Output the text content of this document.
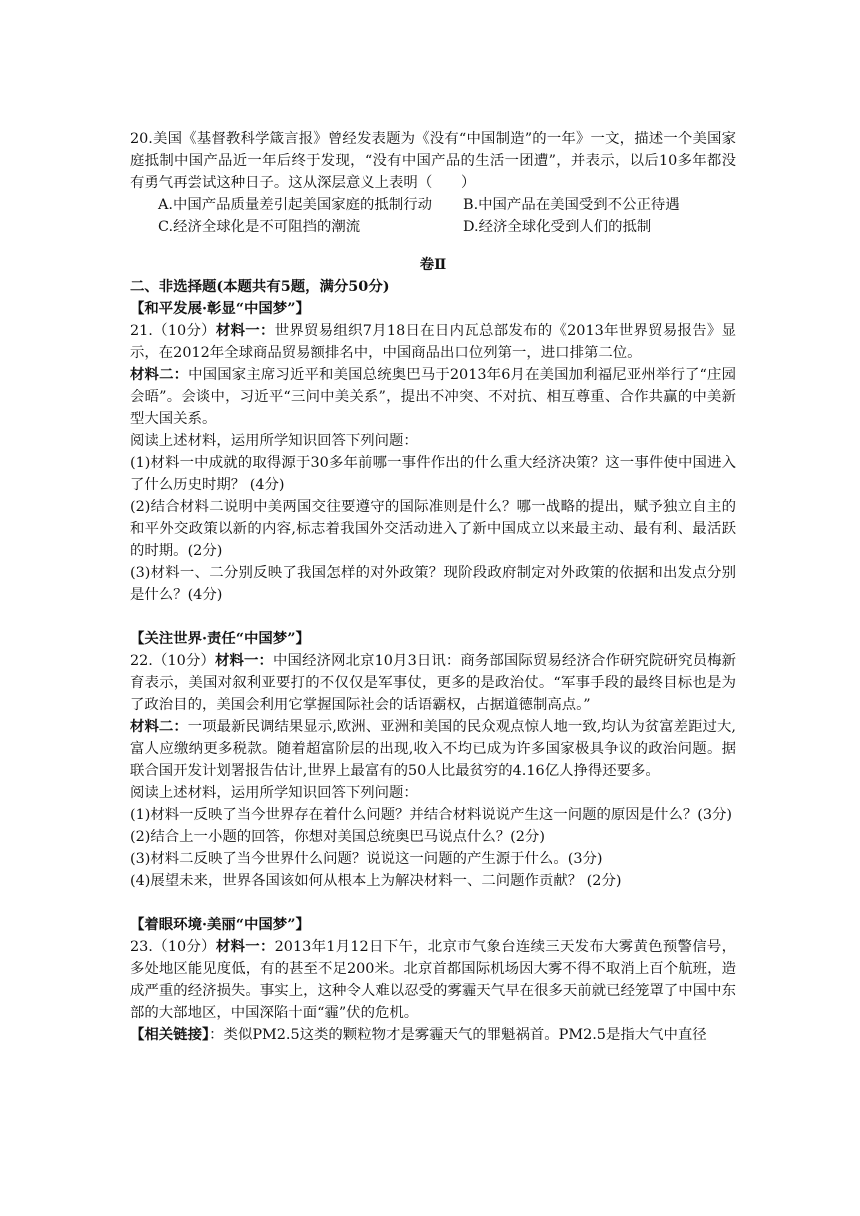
20.美国《基督教科学箴言报》曾经发表题为《没有“中国制造”的一年》一文，描述一个美国家庭抵制中国产品近一年后终于发现，“没有中国产品的生活一团遭”，并表示，以后10多年都没有勇气再尝试这种日子。这从深层意义上表明（　　）

A.中国产品质量差引起美国家庭的抵制行动	B.中国产品在美国受到不公正待遇
C.经济全球化是不可阻挡的潮流	D.经济全球化受到人们的抵制

卷Ⅱ

二、非选择题(本题共有5题，满分50分)

【和平发展·彰显“中国梦”】

21.（10分）材料一：世界贸易组织7月18日在日内瓦总部发布的《2013年世界贸易报告》显示，在2012年全球商品贸易额排名中，中国商品出口位列第一，进口排第二位。

材料二：中国国家主席习近平和美国总统奥巴马于2013年6月在美国加利福尼亚州举行了“庄园会晤”。会谈中，习近平“三问中美关系”，提出不冲突、不对抗、相互尊重、合作共赢的中美新型大国关系。

阅读上述材料，运用所学知识回答下列问题：

(1)材料一中成就的取得源于30多年前哪一事件作出的什么重大经济决策？这一事件使中国进入了什么历史时期？ (4分)

(2)结合材料二说明中美两国交往要遵守的国际准则是什么？哪一战略的提出，赋予独立自主的和平外交政策以新的内容,标志着我国外交活动进入了新中国成立以来最主动、最有利、最活跃的时期。(2分)

(3)材料一、二分别反映了我国怎样的对外政策？现阶段政府制定对外政策的依据和出发点分别是什么？(4分)

【关注世界·责任“中国梦”】

22.（10分）材料一：中国经济网北京10月3日讯：商务部国际贸易经济合作研究院研究员梅新育表示，美国对叙利亚要打的不仅仅是军事仗，更多的是政治仗。“军事手段的最终目标也是为了政治目的，美国会利用它掌握国际社会的话语霸权，占据道德制高点。”

材料二：一项最新民调结果显示,欧洲、亚洲和美国的民众观点惊人地一致,均认为贫富差距过大,富人应缴纳更多税款。随着超富阶层的出现,收入不均已成为许多国家极具争议的政治问题。据联合国开发计划署报告估计,世界上最富有的50人比最贫穷的4.16亿人挣得还要多。

阅读上述材料，运用所学知识回答下列问题：

(1)材料一反映了当今世界存在着什么问题？并结合材料说说产生这一问题的原因是什么？(3分)

(2)结合上一小题的回答，你想对美国总统奥巴马说点什么？(2分)

(3)材料二反映了当今世界什么问题？说说这一问题的产生源于什么。(3分)

(4)展望未来，世界各国该如何从根本上为解决材料一、二问题作贡献？ (2分)

【着眼环境·美丽“中国梦”】

23.（10分）材料一：2013年1月12日下午，北京市气象台连续三天发布大雾黄色预警信号，多处地区能见度低，有的甚至不足200米。北京首都国际机场因大雾不得不取消上百个航班，造成严重的经济损失。事实上，这种令人难以忍受的雾霾天气早在很多天前就已经笼罩了中国中东部的大部地区，中国深陷十面“霾”伏的危机。

【相关链接】：类似PM2.5这类的颗粒物才是雾霾天气的罪魁祸首。PM2.5是指大气中直径
